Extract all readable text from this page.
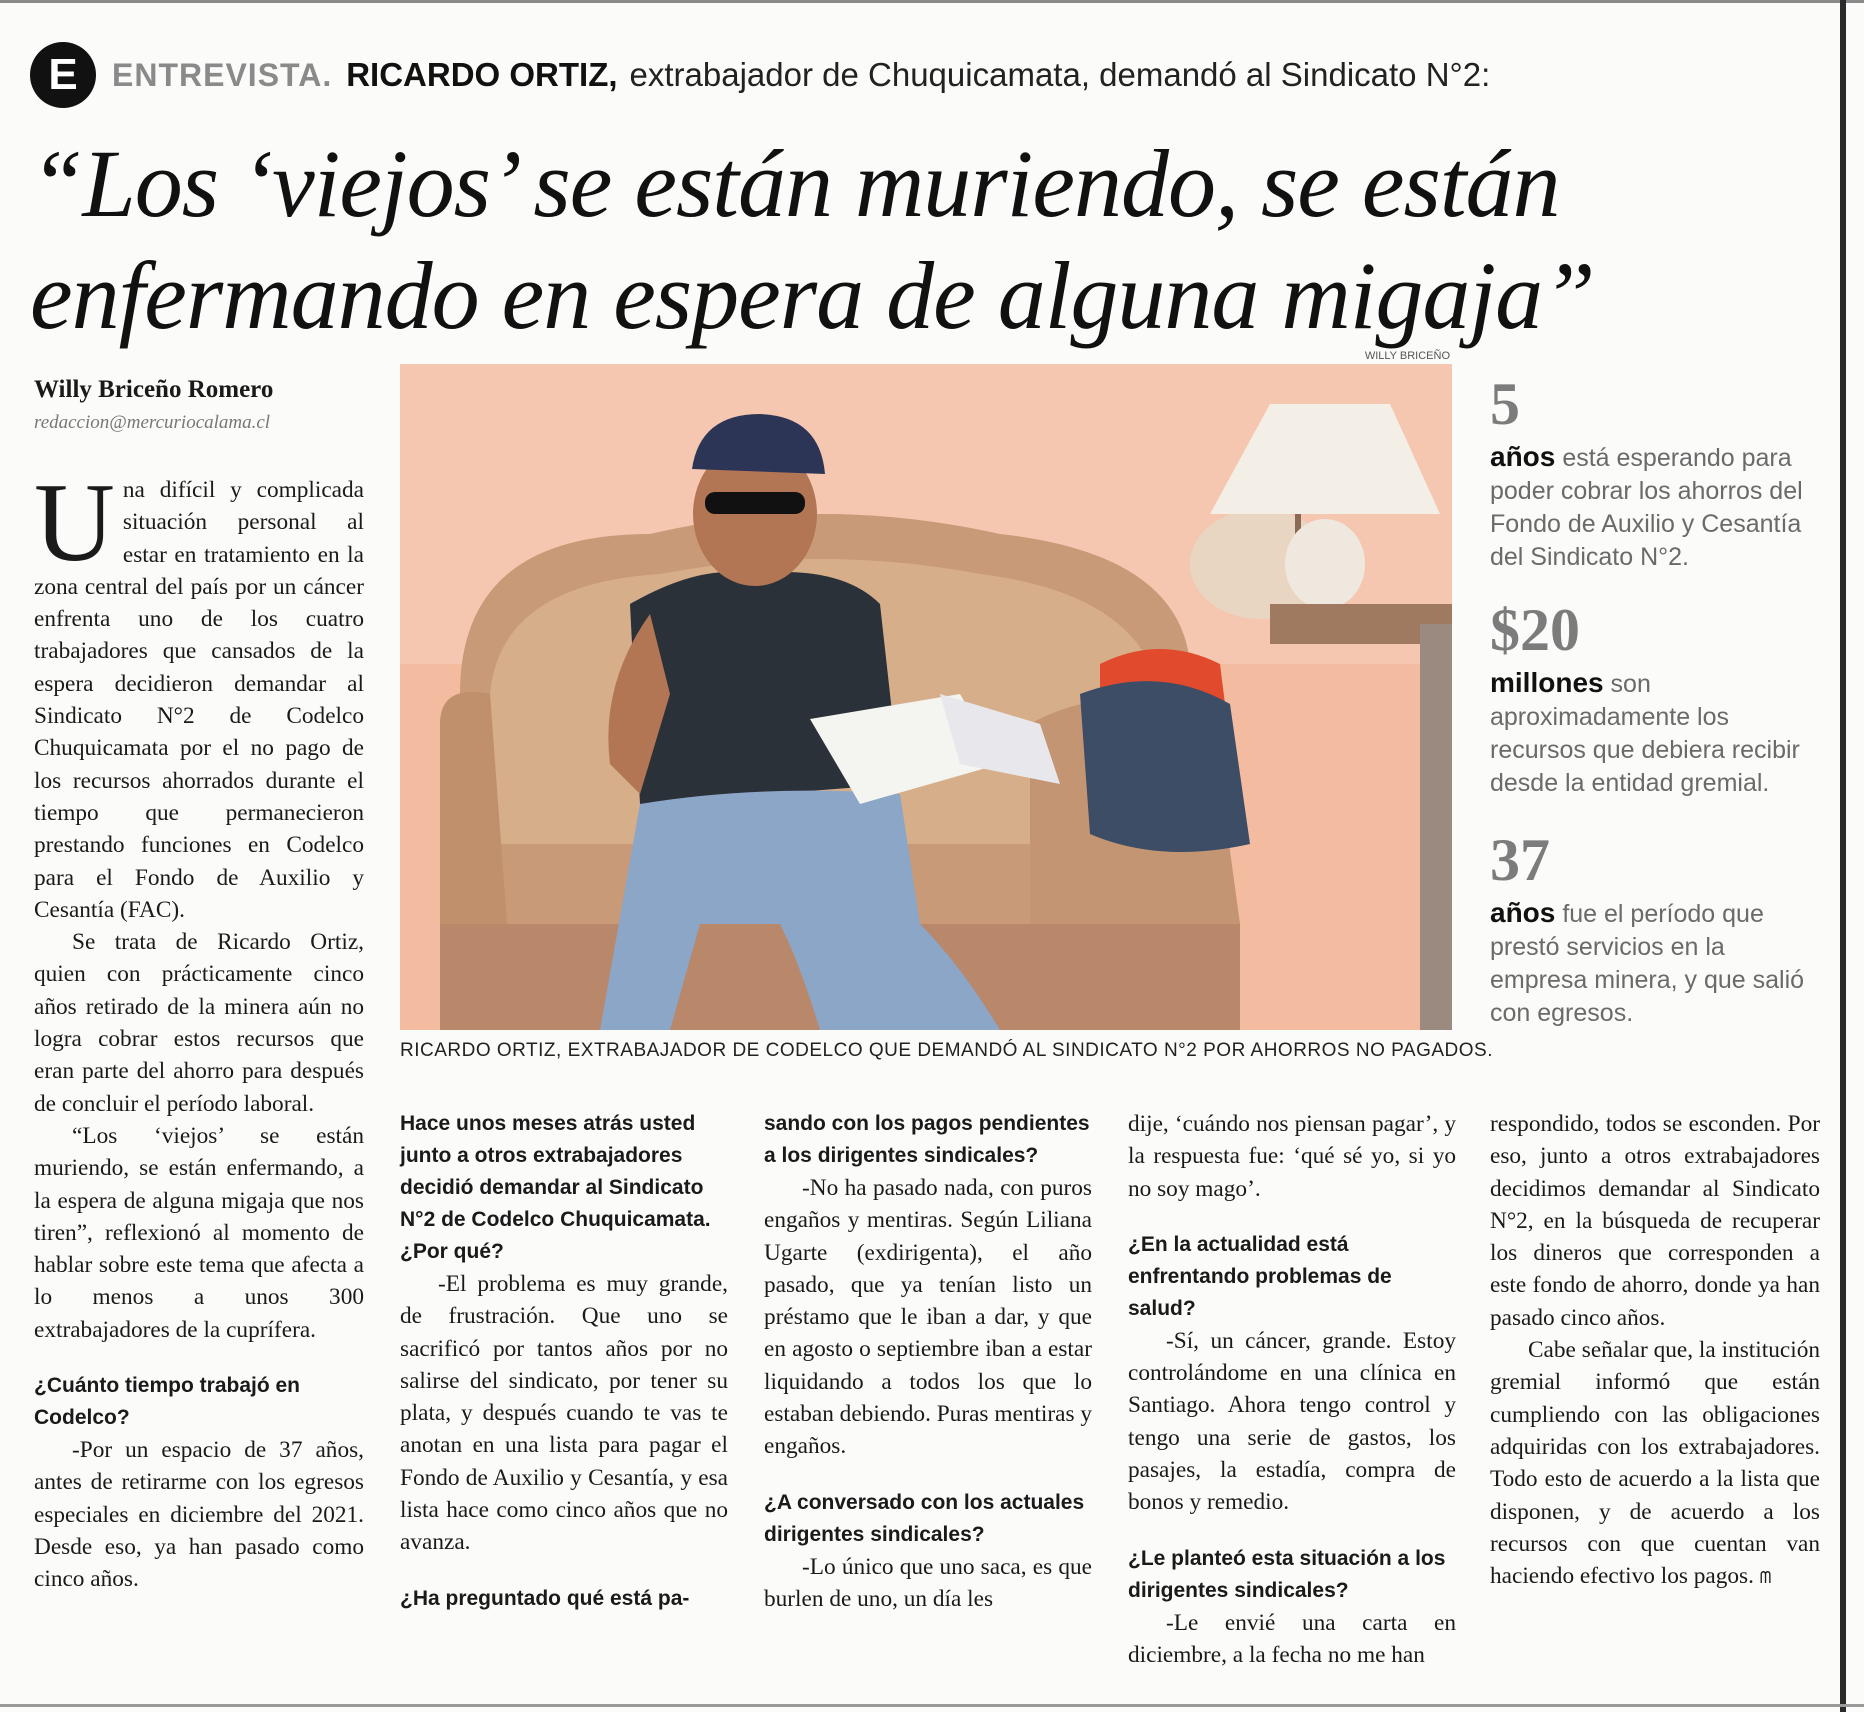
E	ENTREVISTA. RICARDO ORTIZ, extrabajador de Chuquicamata, demandó al Sindicato N°2:
“Los ‘viejos’ se están muriendo, se están enfermando en espera de alguna migaja”
Willy Briceño Romero
redaccion@mercuriocalama.cl
WILLY BRICEÑO
RICARDO ORTIZ, EXTRABAJADOR DE CODELCO QUE DEMANDÓ AL SINDICATO N°2 POR AHORROS NO PAGADOS.
5

años está esperando para poder cobrar los ahorros del Fondo de Auxilio y Cesantía del Sindicato N°2.

$20

millones son aproximadamente los recursos que debiera recibir desde la entidad gremial.

37

años fue el período que prestó servicios en la empresa minera, y que salió con egresos.

Una difícil y complicada situación personal al estar en tratamiento en la zona central del país por un cáncer enfrenta uno de los cuatro trabajadores que cansados de la espera decidieron demandar al Sindicato N°2 de Codelco Chuquicamata por el no pago de los recursos ahorrados durante el tiempo que permanecieron prestando funciones en Codelco para el Fondo de Auxilio y Cesantía (FAC).

Se trata de Ricardo Ortiz, quien con prácticamente cinco años retirado de la minera aún no logra cobrar estos recursos que eran parte del ahorro para después de concluir el período laboral.

“Los ‘viejos’ se están muriendo, se están enfermando, a la espera de alguna migaja que nos tiren”, reflexionó al momento de hablar sobre este tema que afecta a lo menos a unos 300 extrabajadores de la cuprífera.

¿Cuánto tiempo trabajó en Codelco?

-Por un espacio de 37 años, antes de retirarme con los egresos especiales en diciembre del 2021. Desde eso, ya han pasado como cinco años.

Hace unos meses atrás usted junto a otros extrabajadores decidió demandar al Sindicato N°2 de Codelco Chuquicamata. ¿Por qué?

-El problema es muy grande, de frustración. Que uno se sacrificó por tantos años por no salirse del sindicato, por tener su plata, y después cuando te vas te anotan en una lista para pagar el Fondo de Auxilio y Cesantía, y esa lista hace como cinco años que no avanza.

¿Ha preguntado qué está pa-
sando con los pagos pendientes a los dirigentes sindicales?

-No ha pasado nada, con puros engaños y mentiras. Según Liliana Ugarte (exdirigenta), el año pasado, que ya tenían listo un préstamo que le iban a dar, y que en agosto o septiembre iban a estar liquidando a todos los que lo estaban debiendo. Puras mentiras y engaños.

¿A conversado con los actuales dirigentes sindicales?

-Lo único que uno saca, es que burlen de uno, un día les

dije, ‘cuándo nos piensan pagar’, y la respuesta fue: ‘qué sé yo, si yo no soy mago’.

¿En la actualidad está enfrentando problemas de salud?

-Sí, un cáncer, grande. Estoy controlándome en una clínica en Santiago. Ahora tengo control y tengo una serie de gastos, los pasajes, la estadía, compra de bonos y remedio.

¿Le planteó esta situación a los dirigentes sindicales?

-Le envié una carta en diciembre, a la fecha no me han

respondido, todos se esconden. Por eso, junto a otros extrabajadores decidimos demandar al Sindicato N°2, en la búsqueda de recuperar los dineros que corresponden a este fondo de ahorro, donde ya han pasado cinco años.

Cabe señalar que, la institución gremial informó que están cumpliendo con las obligaciones adquiridas con los extrabajadores. Todo esto de acuerdo a la lista que disponen, y de acuerdo a los recursos con que cuentan van haciendo efectivo los pagos. ᗰ
